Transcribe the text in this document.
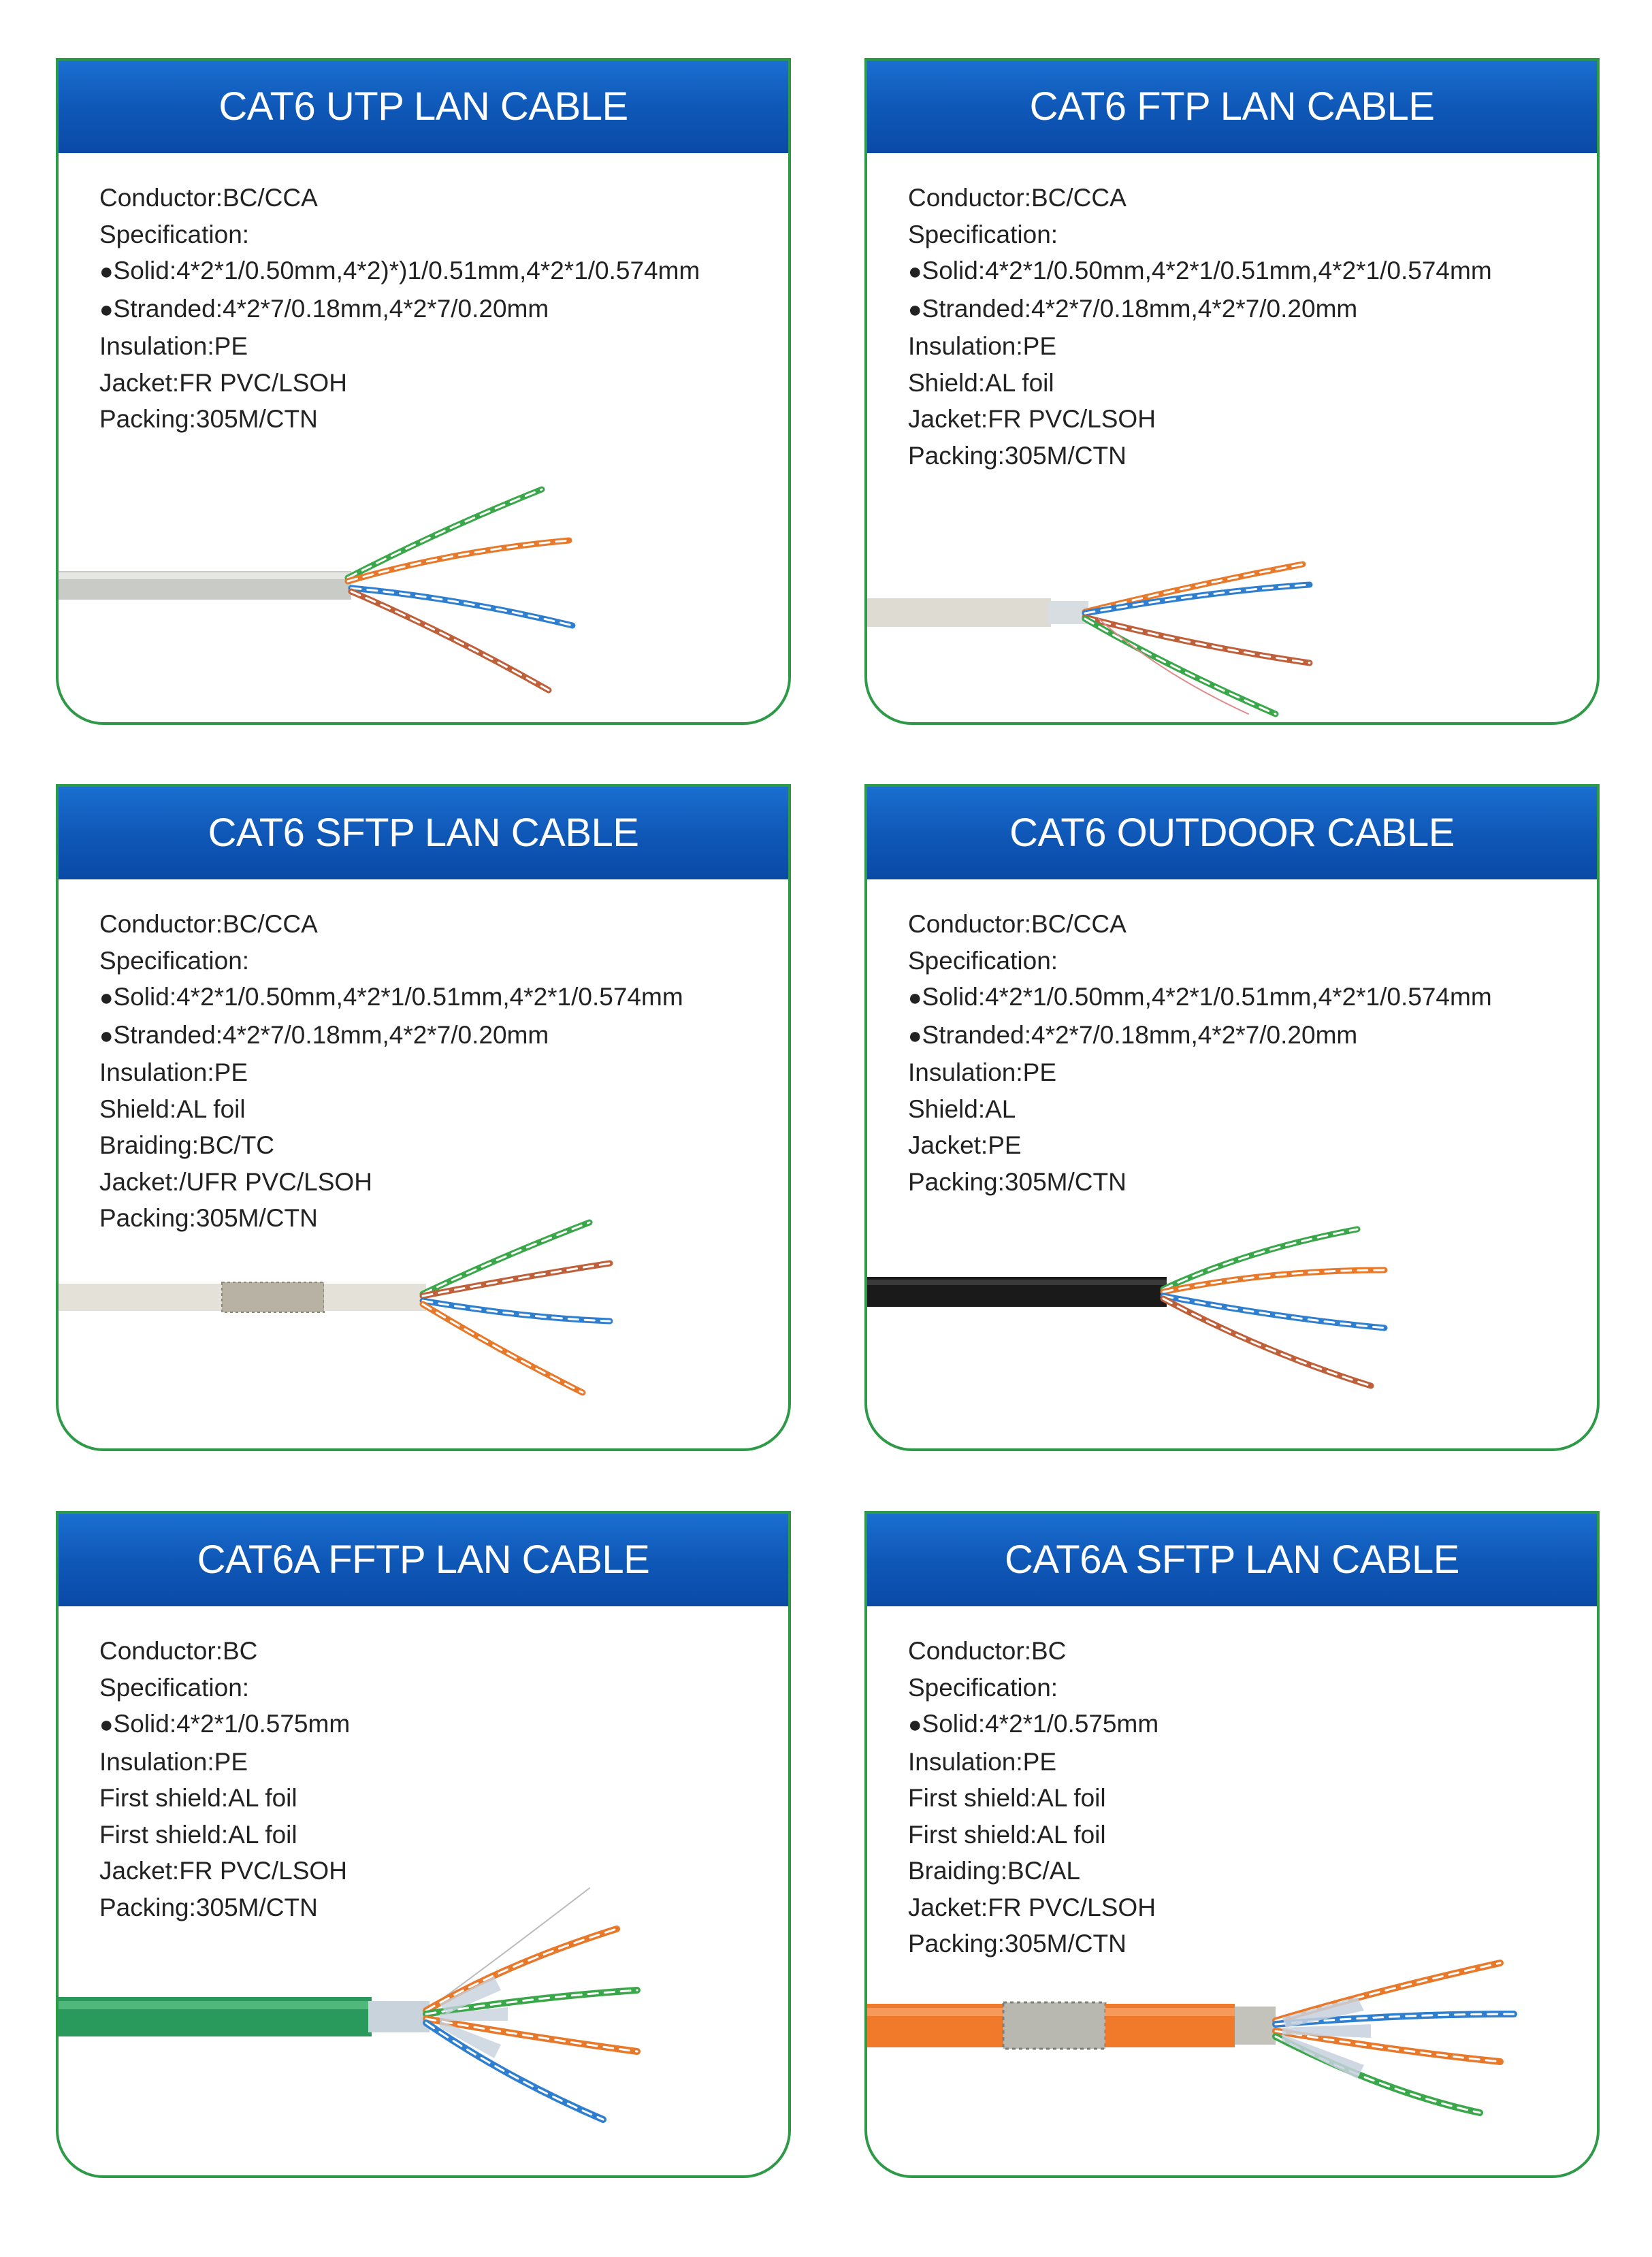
CAT6 UTP LAN CABLE
Conductor:BC/CCA
Specification:
●Solid:4*2*1/0.50mm,4*2)*)1/0.51mm,4*2*1/0.574mm
●Stranded:4*2*7/0.18mm,4*2*7/0.20mm
Insulation:PE
Jacket:FR PVC/LSOH
Packing:305M/CTN
CAT6 FTP LAN CABLE
Conductor:BC/CCA
Specification:
●Solid:4*2*1/0.50mm,4*2*1/0.51mm,4*2*1/0.574mm
●Stranded:4*2*7/0.18mm,4*2*7/0.20mm
Insulation:PE
Shield:AL foil
Jacket:FR PVC/LSOH
Packing:305M/CTN
CAT6 SFTP LAN CABLE
Conductor:BC/CCA
Specification:
●Solid:4*2*1/0.50mm,4*2*1/0.51mm,4*2*1/0.574mm
●Stranded:4*2*7/0.18mm,4*2*7/0.20mm
Insulation:PE
Shield:AL foil
Braiding:BC/TC
Jacket:/UFR PVC/LSOH
Packing:305M/CTN
CAT6 OUTDOOR CABLE
Conductor:BC/CCA
Specification:
●Solid:4*2*1/0.50mm,4*2*1/0.51mm,4*2*1/0.574mm
●Stranded:4*2*7/0.18mm,4*2*7/0.20mm
Insulation:PE
Shield:AL
Jacket:PE
Packing:305M/CTN
CAT6A FFTP LAN CABLE
Conductor:BC
Specification:
●Solid:4*2*1/0.575mm
Insulation:PE
First shield:AL foil
First shield:AL foil
Jacket:FR PVC/LSOH
Packing:305M/CTN
CAT6A SFTP LAN CABLE
Conductor:BC
Specification:
●Solid:4*2*1/0.575mm
Insulation:PE
First shield:AL foil
First shield:AL foil
Braiding:BC/AL
Jacket:FR PVC/LSOH
Packing:305M/CTN
